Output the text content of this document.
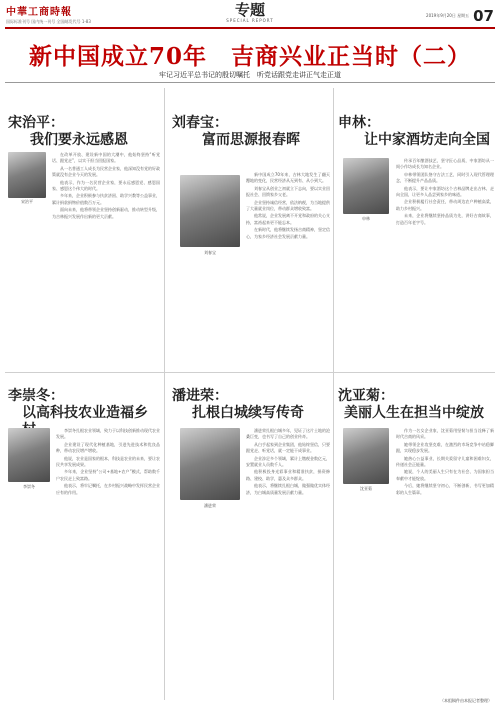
中華工商時報
国际标准刊号 国内统一刊号 全国邮发代号 1-83
专题
SPECIAL REPORT
2019年9月20日 星期五 07
新中国成立70年　吉商兴业正当时（二）
牢记习近平总书记的殷切嘱托　听党话跟党走讲正气走正道
宋治平：
我们要永远感恩
宋治平

在改革开放、建设新中国的大潮中，他始终坚持“听党话、跟党走”，以实干担当回报国家。

从一名普通工人成长为民营企业家，他深知没有党的好政策就没有企业今天的发展。

他表示，作为一名民营企业家，要永远感恩党、感恩国家、感恩这个伟大的时代。

多年来，企业积极参与扶贫济困、助学兴教等公益事业，累计捐款捐物价值数百万元。

面向未来，他将带领企业坚持创新驱动，推动转型升级，为吉林振兴发展作出新的更大贡献。

刘春宝：
富而思源报春晖
刘春宝

新中国成立70年来，吉林大地发生了翻天覆地的变化，民营经济从无到有、从小到大。

刘春宝从创业之初就立下志向，要以实业回报社会、回馈家乡父老。

企业坚持诚信经营，依法纳税，为当地提供了大量就业岗位，带动群众增收致富。

他常说，企业发展离不开党和政府的关心支持，富裕起来更不能忘本。

在新时代，他将继续发扬吉商精神，坚定信心，为家乡经济社会发展贡献力量。

申林：
让中家酒坊走向全国
申林

传承百年酿酒技艺，坚守匠心品质，中家酒坊从一间小作坊成长为知名企业。

申林带领团队恪守古法工艺，同时引入现代管理理念，不断提升产品品质。

他表示，要让中家酒坊这个吉林品牌走出吉林、走向全国，让更多人品尝到家乡的味道。

企业积极履行社会责任，带动周边农户种植高粱，助力乡村振兴。

未来，企业将继续坚持品质为先，讲好吉商故事，打造百年老字号。

李崇冬：
以高科技农业造福乡
李崇冬

李崇冬扎根农业领域，致力于以科技创新推动现代农业发展。

企业建设了现代化种植基地，引进先进技术和优良品种，带动农民增产增收。

他说，农业是国家的根本，科技是农业的未来，要让农民共享发展成果。

多年来，企业坚持“公司+基地+农户”模式，帮助数千户农民走上致富路。

他表示，将牢记嘱托，在乡村振兴战略中发挥民营企业应有的作用。

潘进荣：
扎根白城续写传奇
潘进荣

潘进荣扎根白城多年，见证了这片土地的沧桑巨变，也书写了自己的创业传奇。

从白手起家到企业集团，他始终坚信，只要跟党走、听党话，就一定能干成事业。

企业涉足多个领域，累计上缴税金数亿元，安置就业人员数千人。

他积极投身光彩事业和精准扶贫，捐资修路、建校、助学，惠及众多群众。

他表示，将继续扎根白城，做强做优实体经济，为白城高质量发展贡献力量。

沈亚菊：
美丽人生在担当中绽放
沈亚菊

作为一名女企业家，沈亚菊用坚韧与担当诠释了新时代吉商的风采。

她带领企业攻坚克难，在激烈的市场竞争中站稳脚跟，实现稳步发展。

她热心公益事业，长期关爱留守儿童和困难妇女，传递社会正能量。

她说，个人的美丽人生只有在为社会、为国家担当奉献中才能绽放。

今后，她将继续坚守初心，不断创新，书写更加精彩的人生篇章。

（本组稿件由本报记者整理）
